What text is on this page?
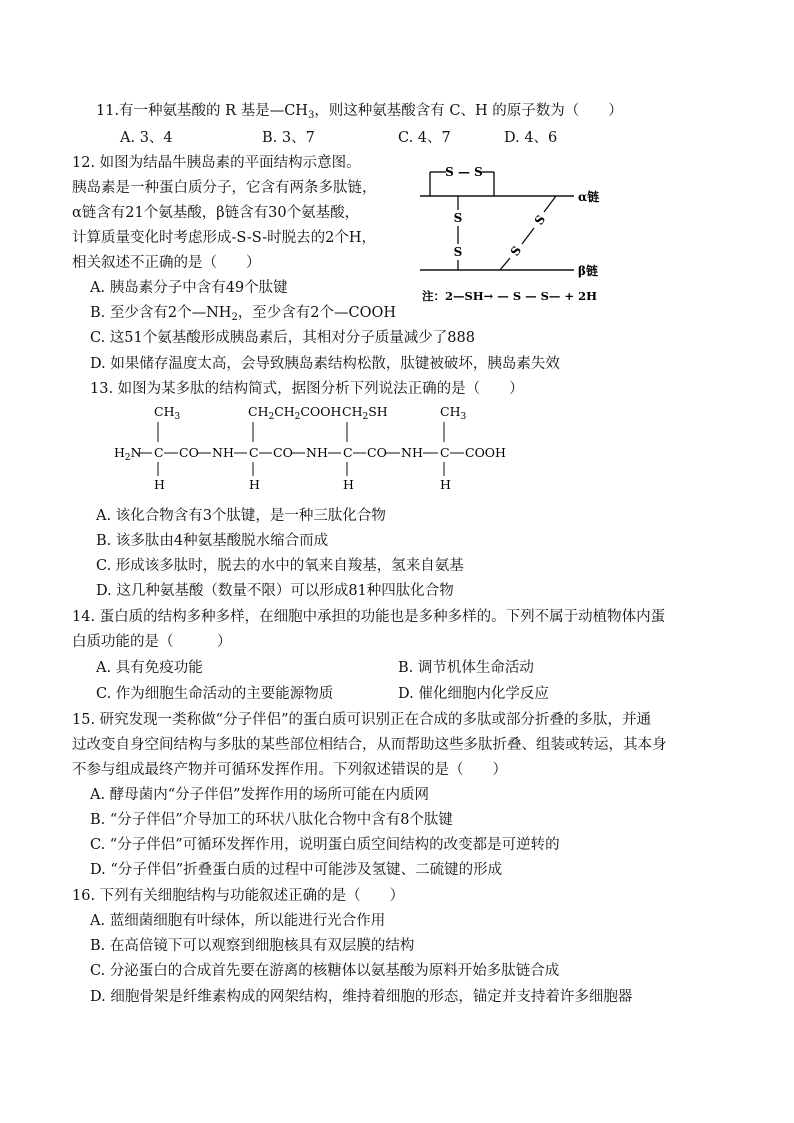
11.有一种氨基酸的 R 基是$—CH_3$，则这种氨基酸含有 C、H 的原子数为（　　）
A. 3、4	B. 3、7	C. 4、7	D. 4、6
12. 如图为结晶牛胰岛素的平面结构示意图。
胰岛素是一种蛋白质分子，它含有两条多肽链，
α链含有21个氨基酸，β链含有30个氨基酸，
计算质量变化时考虑形成-S-S-时脱去的2个H，
相关叙述不正确的是（　　）
A. 胰岛素分子中含有49个肽键
B. 至少含有2个$—NH_2$，至少含有2个—COOH
C. 这51个氨基酸形成胰岛素后，其相对分子质量减少了888
D. 如果储存温度太高，会导致胰岛素结构松散，肽键被破坏，胰岛素失效
S — S
α链
S
S
S
S
β链
注：2—SH→ — S — S— + 2H
13. 如图为某多肽的结构简式，据图分析下列说法正确的是（　　）
$CH_3$	$CH_2CH_2COOH$ $CH_2SH$	$CH_3$
$H_2N$ C CO NH C CO NH C CO NH C COOH
H	H	H	H
A. 该化合物含有3个肽键，是一种三肽化合物
B. 该多肽由4种氨基酸脱水缩合而成
C. 形成该多肽时，脱去的水中的氧来自羧基，氢来自氨基
D. 这几种氨基酸（数量不限）可以形成81种四肽化合物
14. 蛋白质的结构多种多样，在细胞中承担的功能也是多种多样的。下列不属于动植物体内蛋
白质功能的是（　　　）
A. 具有免疫功能	B. 调节机体生命活动
C. 作为细胞生命活动的主要能源物质	D. 催化细胞内化学反应
15. 研究发现一类称做“分子伴侣”的蛋白质可识别正在合成的多肽或部分折叠的多肽，并通
过改变自身空间结构与多肽的某些部位相结合，从而帮助这些多肽折叠、组装或转运，其本身
不参与组成最终产物并可循环发挥作用。下列叙述错误的是（　　）
A. 酵母菌内“分子伴侣”发挥作用的场所可能在内质网
B. “分子伴侣”介导加工的环状八肽化合物中含有8个肽键
C. “分子伴侣”可循环发挥作用，说明蛋白质空间结构的改变都是可逆转的
D. “分子伴侣”折叠蛋白质的过程中可能涉及氢键、二硫键的形成
16. 下列有关细胞结构与功能叙述正确的是（　　）
A. 蓝细菌细胞有叶绿体，所以能进行光合作用
B. 在高倍镜下可以观察到细胞核具有双层膜的结构
C. 分泌蛋白的合成首先要在游离的核糖体以氨基酸为原料开始多肽链合成
D. 细胞骨架是纤维素构成的网架结构，维持着细胞的形态，锚定并支持着许多细胞器
